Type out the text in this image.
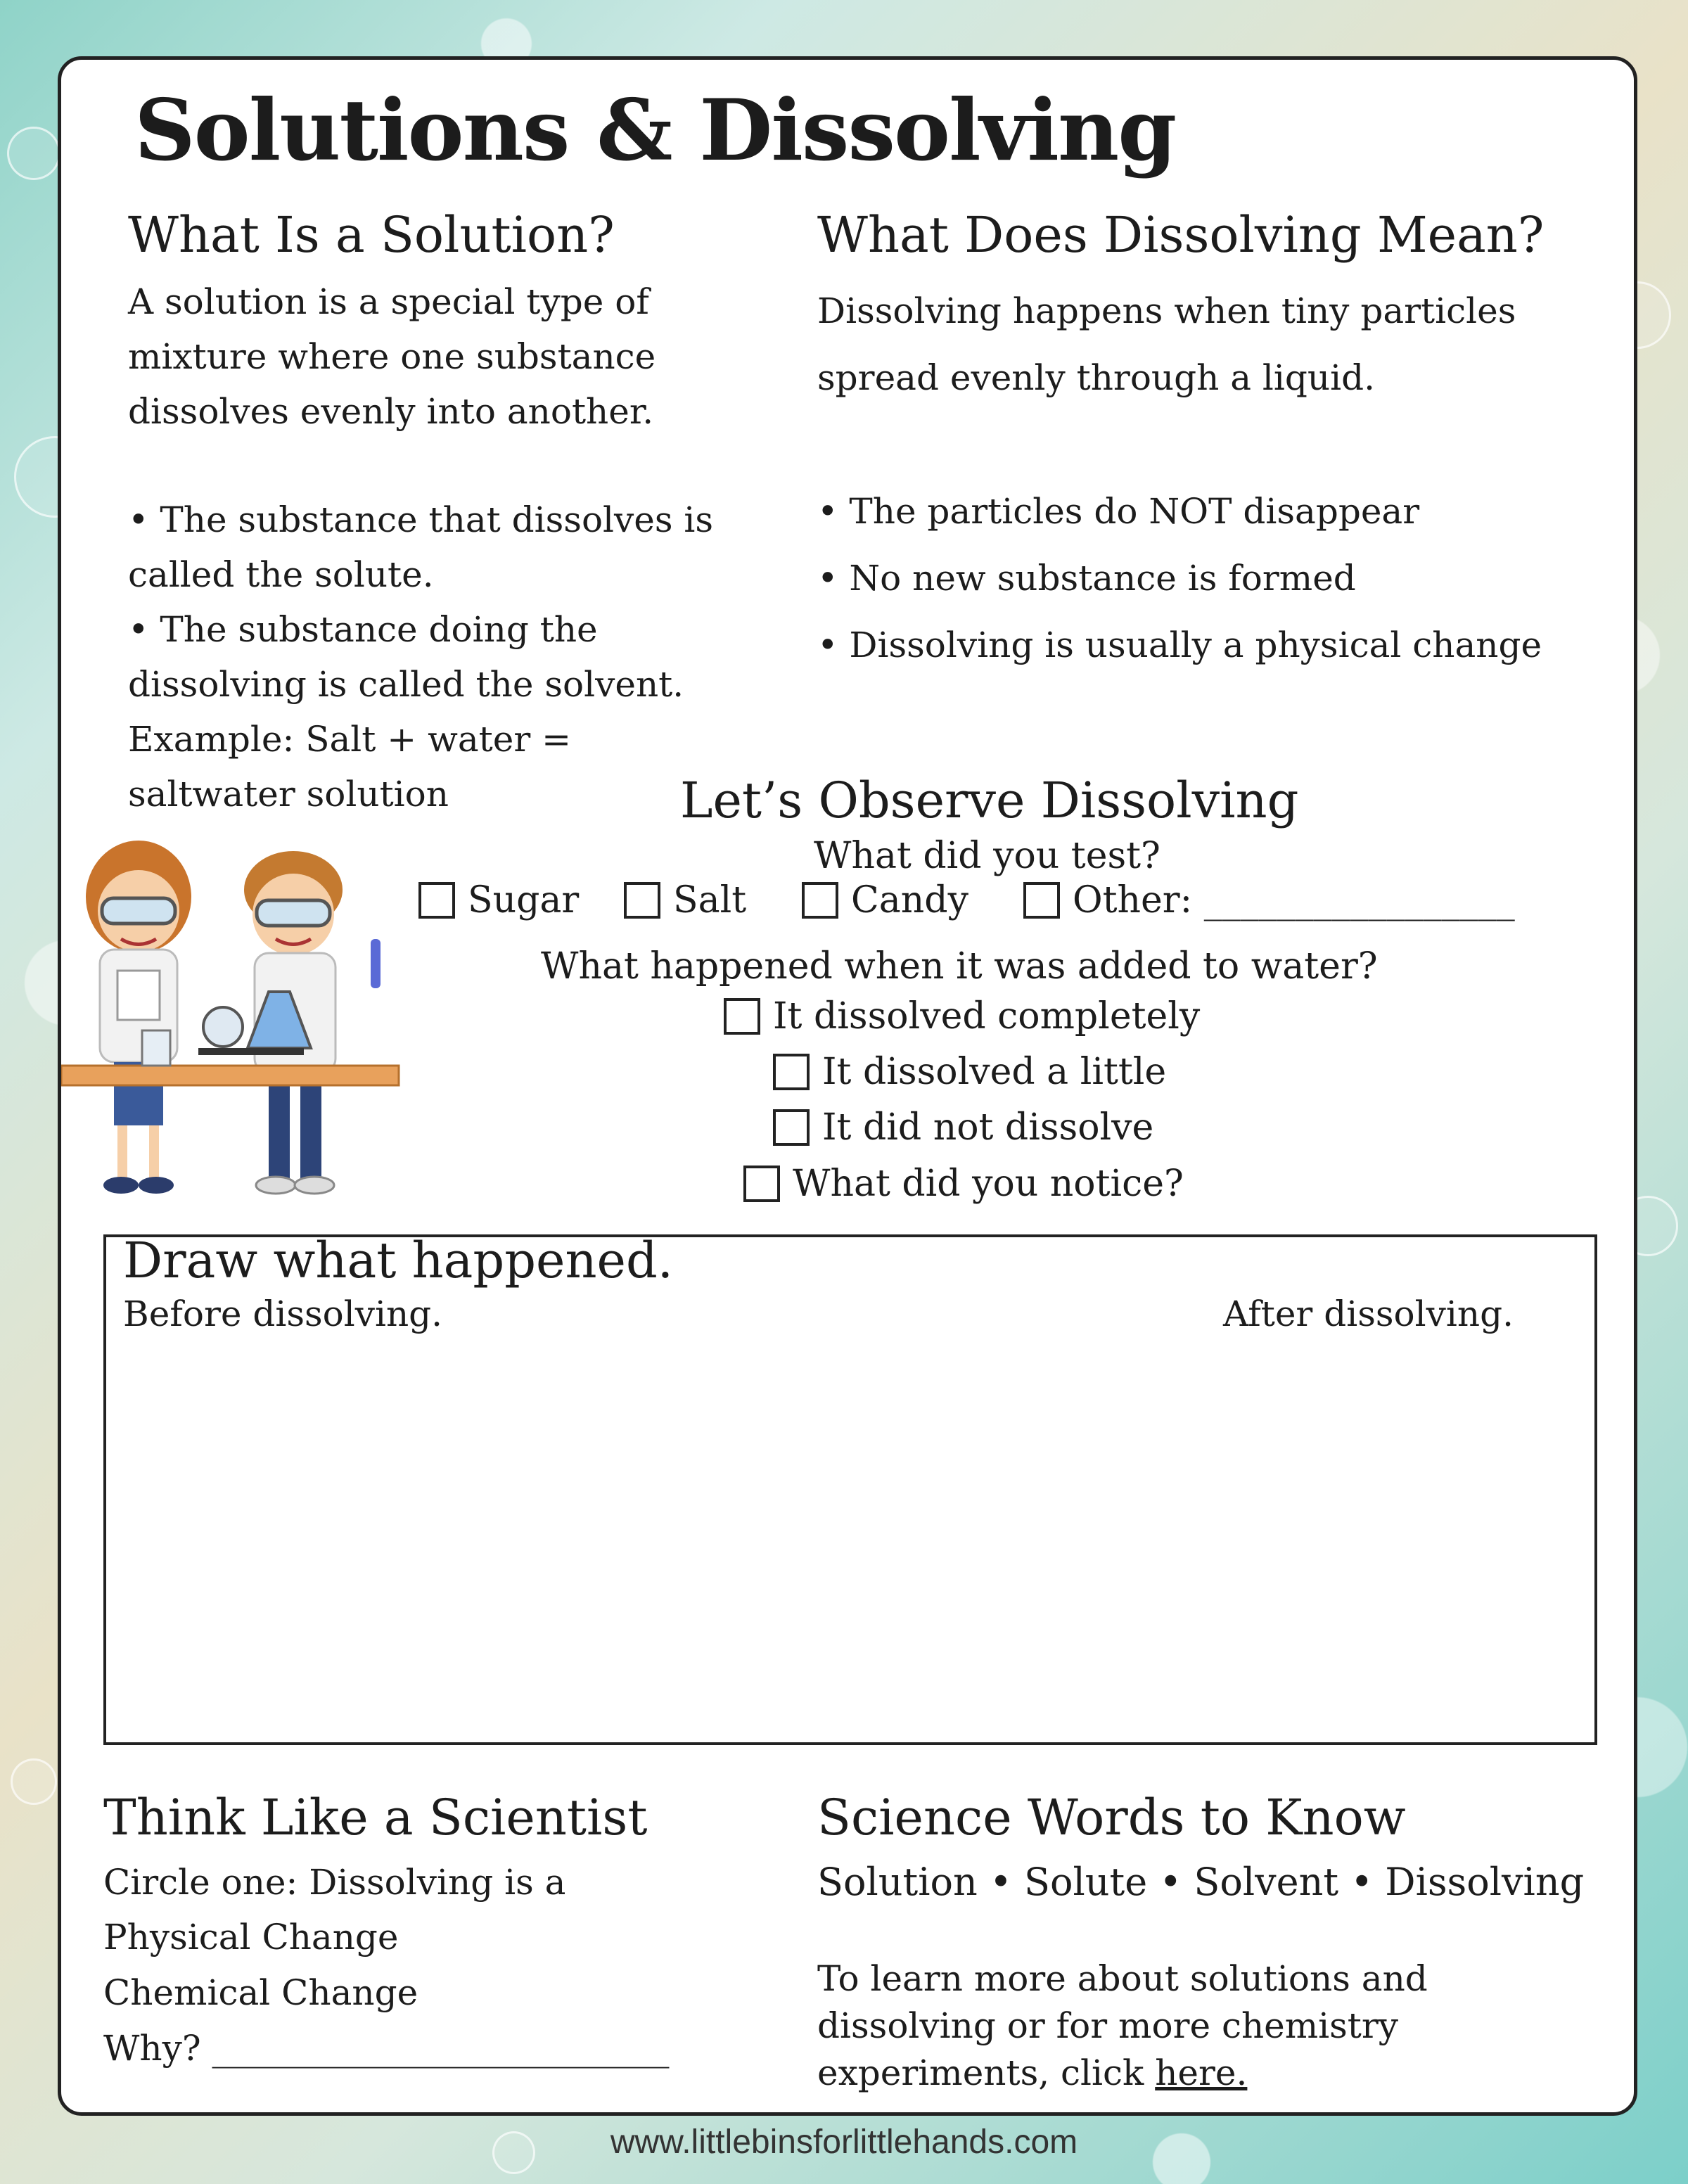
Solutions & Dissolving
What Is a Solution?
A solution is a special type of
mixture where one substance
dissolves evenly into another.
• The substance that dissolves is
called the solute.
• The substance doing the
dissolving is called the solvent.
Example: Salt + water =
saltwater solution
What Does Dissolving Mean?
Dissolving happens when tiny particles
spread evenly through a liquid.
• The particles do NOT disappear
• No new substance is formed
• Dissolving is usually a physical change
Let’s Observe Dissolving
What did you test?
Sugar	Salt	Candy	Other: _________________
What happened when it was added to water?
It dissolved completely
It dissolved a little
It did not dissolve
What did you notice?
Draw what happened.
Before dissolving.	After dissolving.
Think Like a Scientist
Circle one: Dissolving is a
Physical Change
Chemical Change
Why? __________________________
Science Words to Know
Solution • Solute • Solvent • Dissolving
To learn more about solutions and
dissolving or for more chemistry
experiments, click here.
www.littlebinsforlittlehands.com
